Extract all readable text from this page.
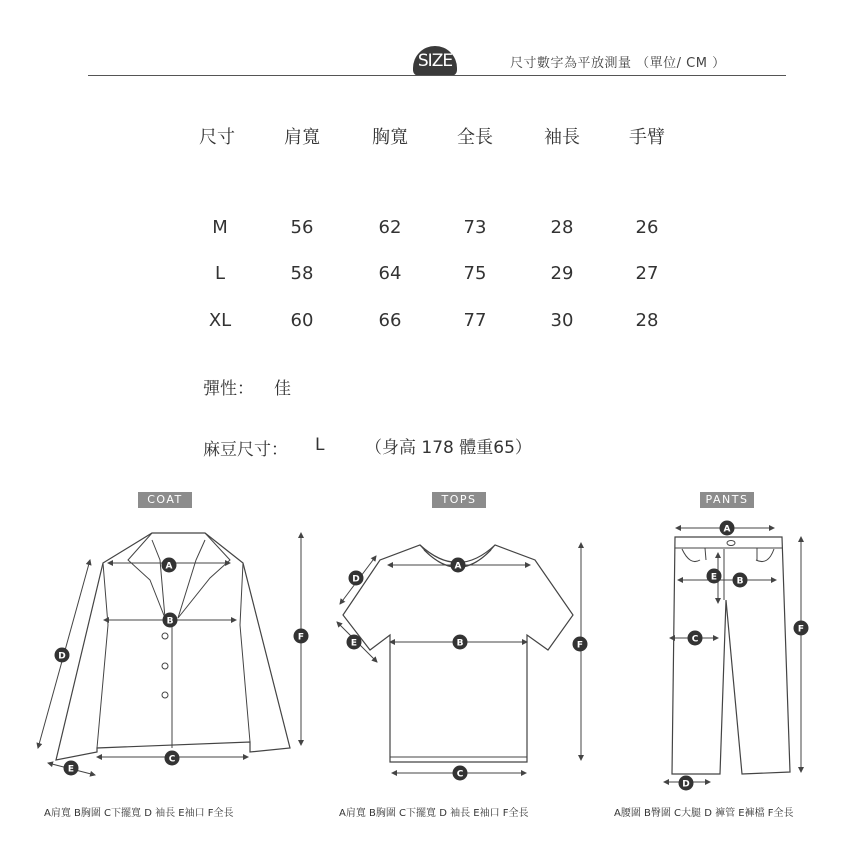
SIZE	尺寸數字為平放測量 （單位/ CM ）
尺寸	肩寬	胸寬	全長	袖長	手臂
M	56	62	73	28	26
L	58	64	75	29	27
XL	60	66	77	30	28
彈性： 佳
麻豆尺寸： L （身高 178 體重65）
COAT	TOPS	PANTS
A
B
C
D
E
F
A
B
C
D
E	F
A
B
C
D
E
F
A肩寬 B胸圍 C下擺寬 D 袖長 E袖口 F全長	A肩寬 B胸圍 C下擺寬 D 袖長 E袖口 F全長	A腰圍 B臀圍 C大腿 D 褲管 E褲檔 F全長
